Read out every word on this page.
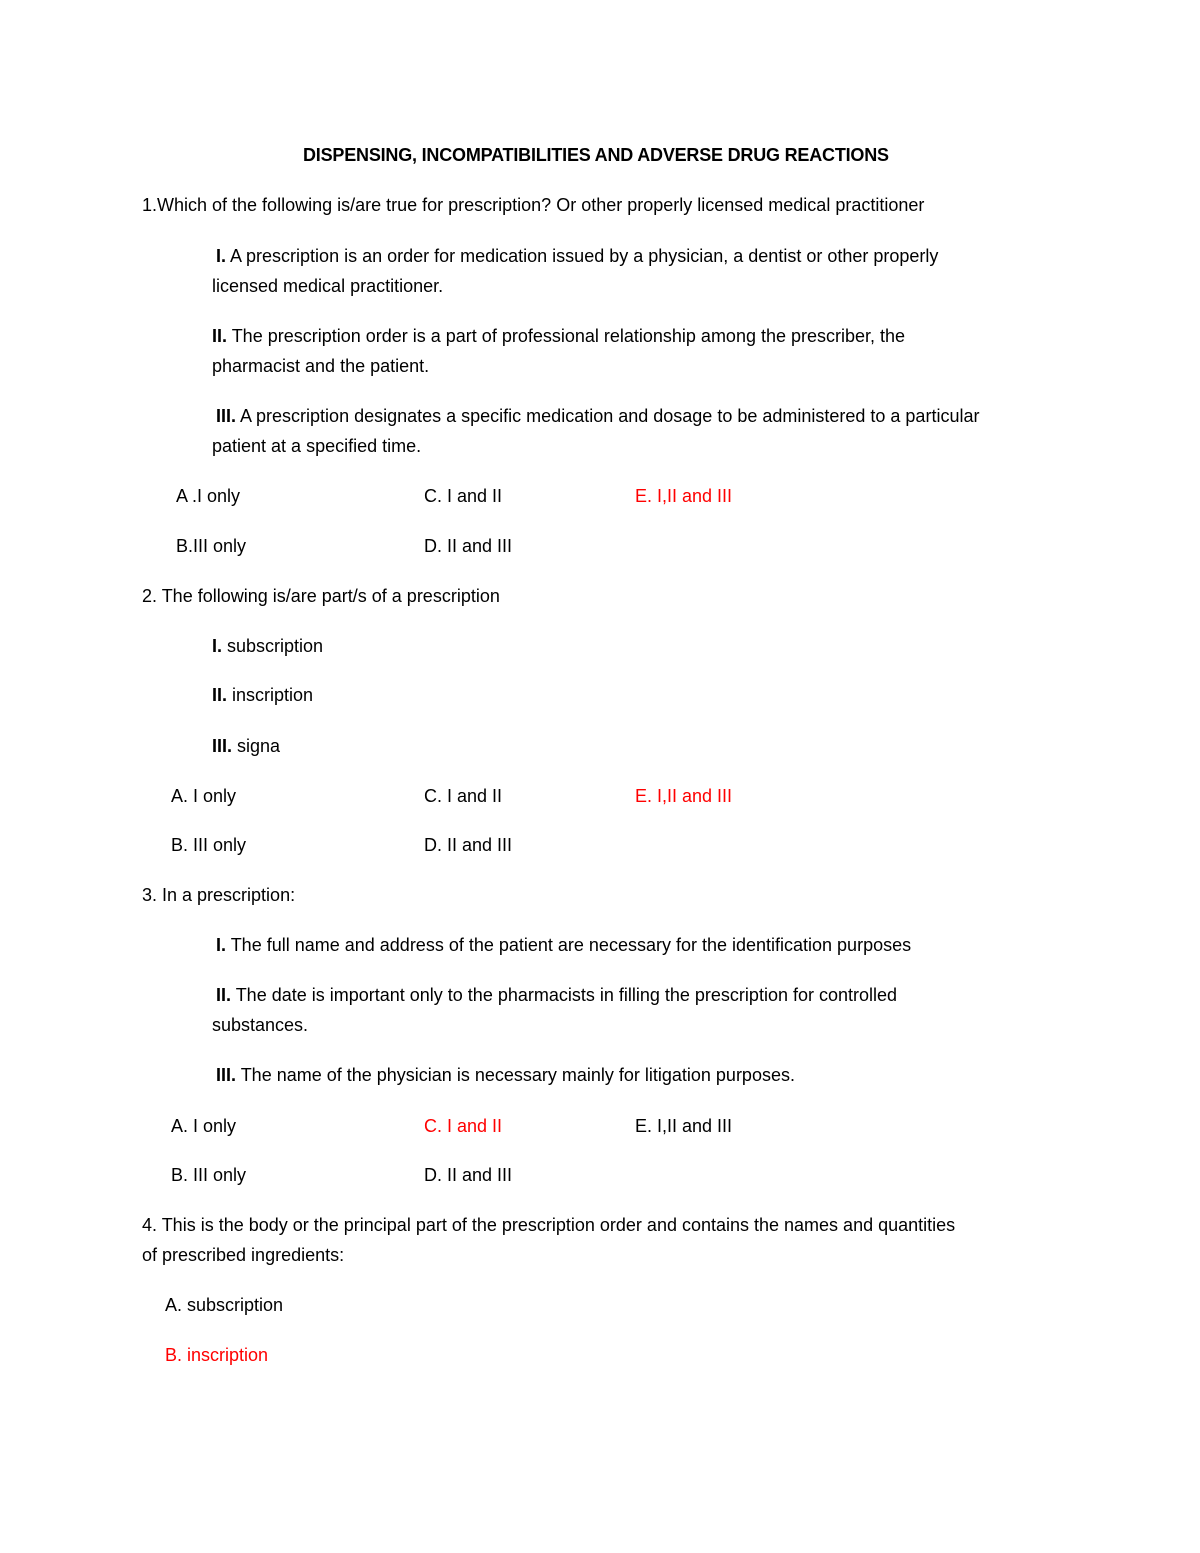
DISPENSING, INCOMPATIBILITIES AND ADVERSE DRUG REACTIONS
1.Which of the following is/are true for prescription? Or other properly licensed medical practitioner
I. A prescription is an order for medication issued by a physician, a dentist or other properly
licensed medical practitioner.
II. The prescription order is a part of professional relationship among the prescriber, the
pharmacist and the patient.
III. A prescription designates a specific medication and dosage to be administered to a particular
patient at a specified time.
A .I only	C. I and II	E. I,II and III
B.III only	D. II and III
2. The following is/are part/s of a prescription
I. subscription
II. inscription
III. signa
A. I only	C. I and II	E. I,II and III
B. III only	D. II and III
3. In a prescription:
I. The full name and address of the patient are necessary for the identification purposes
II. The date is important only to the pharmacists in filling the prescription for controlled
substances.
III. The name of the physician is necessary mainly for litigation purposes.
A. I only	C. I and II	E. I,II and III
B. III only	D. II and III
4. This is the body or the principal part of the prescription order and contains the names and quantities
of prescribed ingredients:
A. subscription
B. inscription
